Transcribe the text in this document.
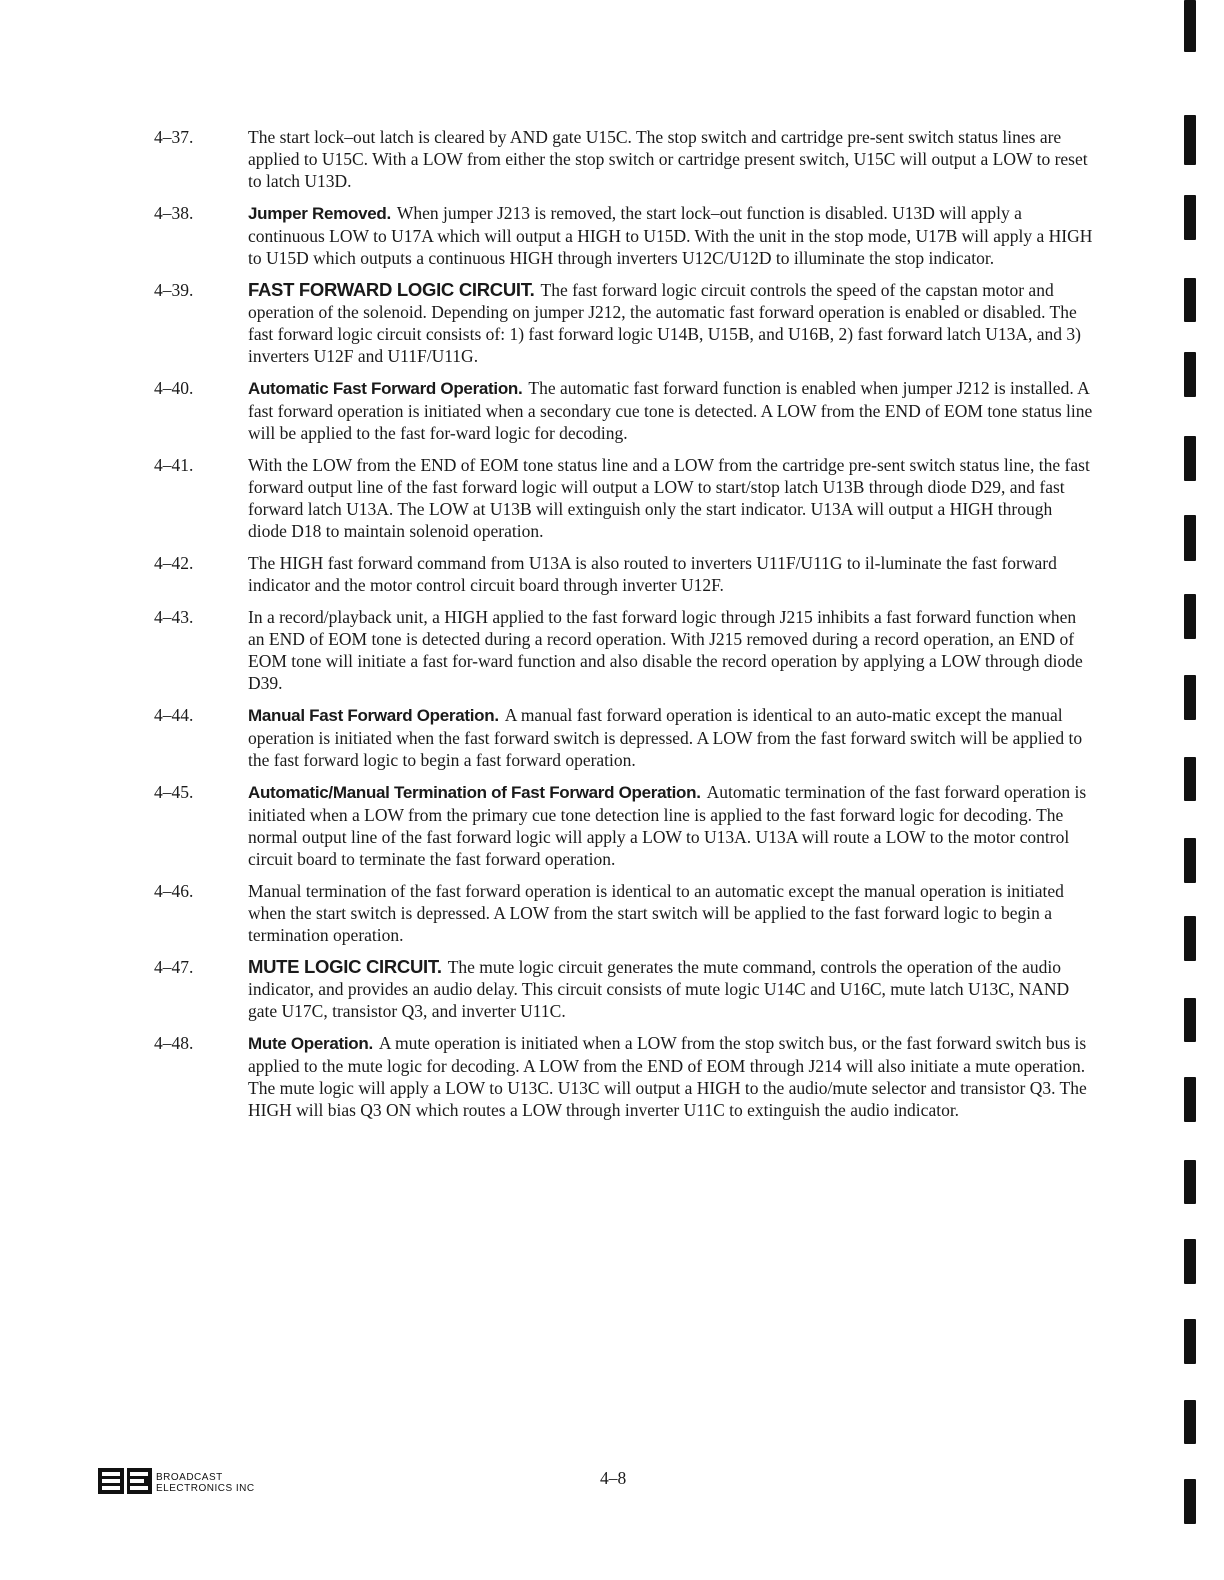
4–37.	The start lock–out latch is cleared by AND gate U15C. The stop switch and cartridge pre-sent switch status lines are applied to U15C. With a LOW from either the stop switch or cartridge present switch, U15C will output a LOW to reset to latch U13D.
4–38.	Jumper Removed. When jumper J213 is removed, the start lock–out function is disabled. U13D will apply a continuous LOW to U17A which will output a HIGH to U15D. With the unit in the stop mode, U17B will apply a HIGH to U15D which outputs a continuous HIGH through inverters U12C/U12D to illuminate the stop indicator.
4–39.	FAST FORWARD LOGIC CIRCUIT. The fast forward logic circuit controls the speed of the capstan motor and operation of the solenoid. Depending on jumper J212, the automatic fast forward operation is enabled or disabled. The fast forward logic circuit consists of: 1) fast forward logic U14B, U15B, and U16B, 2) fast forward latch U13A, and 3) inverters U12F and U11F/U11G.
4–40.	Automatic Fast Forward Operation. The automatic fast forward function is enabled when jumper J212 is installed. A fast forward operation is initiated when a secondary cue tone is detected. A LOW from the END of EOM tone status line will be applied to the fast for-ward logic for decoding.
4–41.	With the LOW from the END of EOM tone status line and a LOW from the cartridge pre-sent switch status line, the fast forward output line of the fast forward logic will output a LOW to start/stop latch U13B through diode D29, and fast forward latch U13A. The LOW at U13B will extinguish only the start indicator. U13A will output a HIGH through diode D18 to maintain solenoid operation.
4–42.	The HIGH fast forward command from U13A is also routed to inverters U11F/U11G to il-luminate the fast forward indicator and the motor control circuit board through inverter U12F.
4–43.	In a record/playback unit, a HIGH applied to the fast forward logic through J215 inhibits a fast forward function when an END of EOM tone is detected during a record operation. With J215 removed during a record operation, an END of EOM tone will initiate a fast for-ward function and also disable the record operation by applying a LOW through diode D39.
4–44.	Manual Fast Forward Operation. A manual fast forward operation is identical to an auto-matic except the manual operation is initiated when the fast forward switch is depressed. A LOW from the fast forward switch will be applied to the fast forward logic to begin a fast forward operation.
4–45.	Automatic/Manual Termination of Fast Forward Operation. Automatic termination of the fast forward operation is initiated when a LOW from the primary cue tone detection line is applied to the fast forward logic for decoding. The normal output line of the fast forward logic will apply a LOW to U13A. U13A will route a LOW to the motor control circuit board to terminate the fast forward operation.
4–46.	Manual termination of the fast forward operation is identical to an automatic except the manual operation is initiated when the start switch is depressed. A LOW from the start switch will be applied to the fast forward logic to begin a termination operation.
4–47.	MUTE LOGIC CIRCUIT. The mute logic circuit generates the mute command, controls the operation of the audio indicator, and provides an audio delay. This circuit consists of mute logic U14C and U16C, mute latch U13C, NAND gate U17C, transistor Q3, and inverter U11C.
4–48.	Mute Operation. A mute operation is initiated when a LOW from the stop switch bus, or the fast forward switch bus is applied to the mute logic for decoding. A LOW from the END of EOM through J214 will also initiate a mute operation. The mute logic will apply a LOW to U13C. U13C will output a HIGH to the audio/mute selector and transistor Q3. The HIGH will bias Q3 ON which routes a LOW through inverter U11C to extinguish the audio indicator.
BROADCAST
ELECTRONICS INC
4–8
